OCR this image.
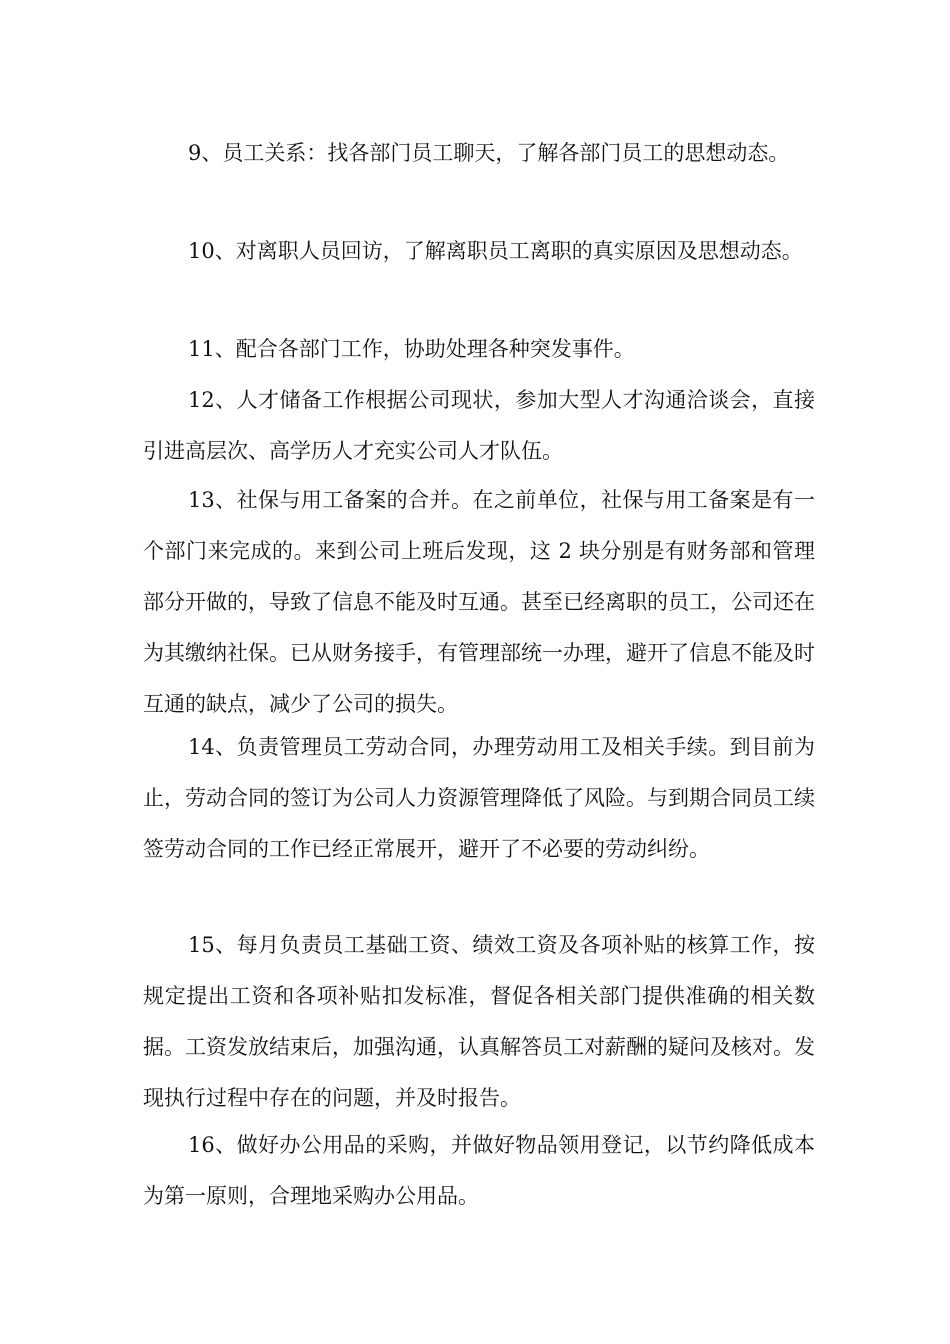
9、员工关系：找各部门员工聊天，了解各部门员工的思想动态。

10、对离职人员回访，了解离职员工离职的真实原因及思想动态。

11、配合各部门工作，协助处理各种突发事件。

12、人才储备工作根据公司现状，参加大型人才沟通洽谈会，直接引进高层次、高学历人才充实公司人才队伍。

13、社保与用工备案的合并。在之前单位，社保与用工备案是有一个部门来完成的。来到公司上班后发现，这 2 块分别是有财务部和管理部分开做的，导致了信息不能及时互通。甚至已经离职的员工，公司还在为其缴纳社保。已从财务接手，有管理部统一办理，避开了信息不能及时互通的缺点，减少了公司的损失。

14、负责管理员工劳动合同，办理劳动用工及相关手续。到目前为止，劳动合同的签订为公司人力资源管理降低了风险。与到期合同员工续签劳动合同的工作已经正常展开，避开了不必要的劳动纠纷。

15、每月负责员工基础工资、绩效工资及各项补贴的核算工作，按规定提出工资和各项补贴扣发标准，督促各相关部门提供准确的相关数据。工资发放结束后，加强沟通，认真解答员工对薪酬的疑问及核对。发现执行过程中存在的问题，并及时报告。

16、做好办公用品的采购，并做好物品领用登记，以节约降低成本为第一原则，合理地采购办公用品。
